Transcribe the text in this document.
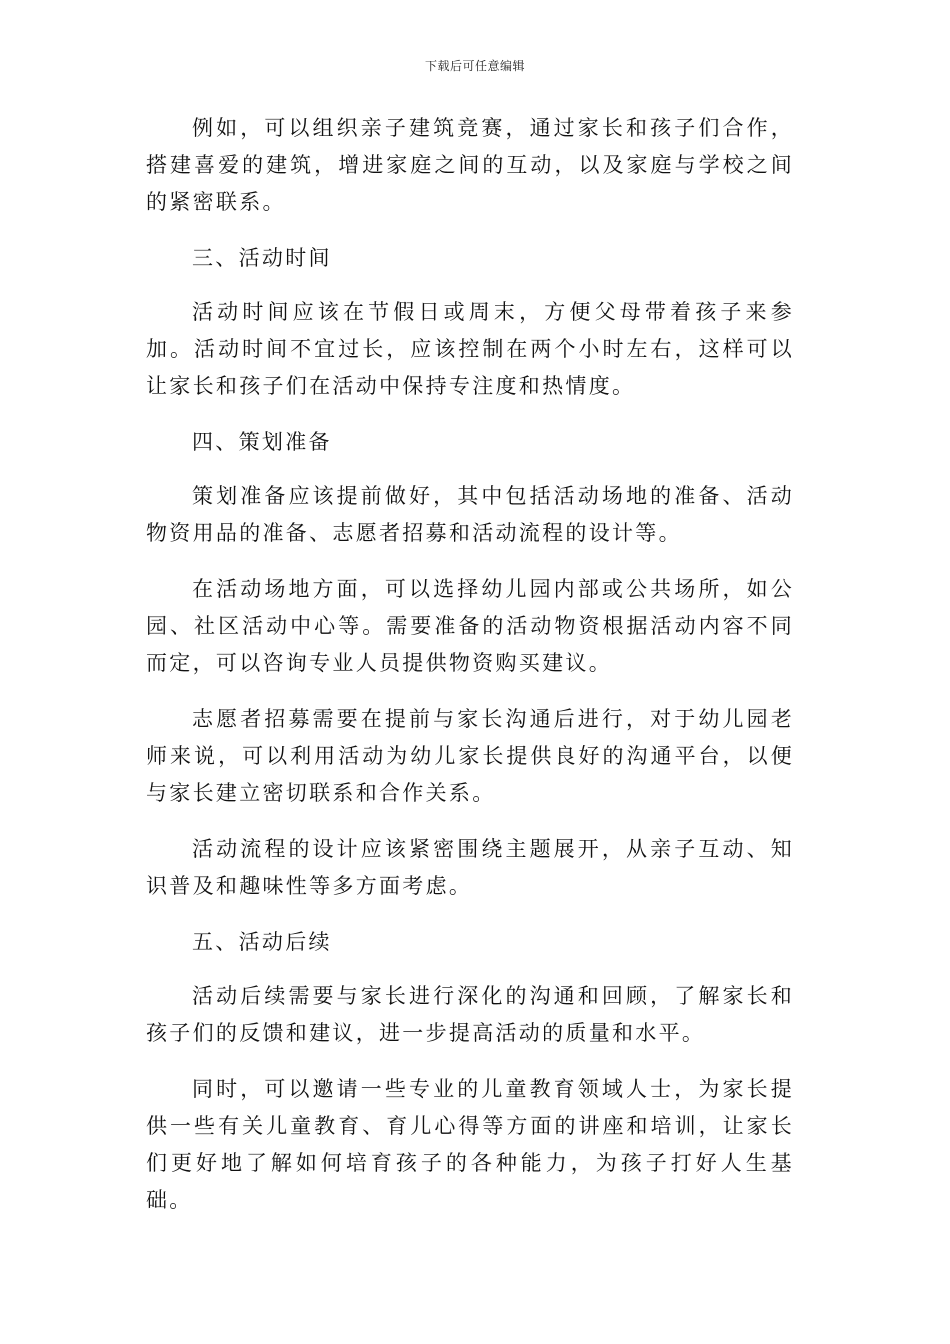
下载后可任意编辑

例如，可以组织亲子建筑竞赛，通过家长和孩子们合作，搭建喜爱的建筑，增进家庭之间的互动，以及家庭与学校之间的紧密联系。

三、活动时间

活动时间应该在节假日或周末，方便父母带着孩子来参加。活动时间不宜过长，应该控制在两个小时左右，这样可以让家长和孩子们在活动中保持专注度和热情度。

四、策划准备

策划准备应该提前做好，其中包括活动场地的准备、活动物资用品的准备、志愿者招募和活动流程的设计等。

在活动场地方面，可以选择幼儿园内部或公共场所，如公园、社区活动中心等。需要准备的活动物资根据活动内容不同而定，可以咨询专业人员提供物资购买建议。

志愿者招募需要在提前与家长沟通后进行，对于幼儿园老师来说，可以利用活动为幼儿家长提供良好的沟通平台，以便与家长建立密切联系和合作关系。

活动流程的设计应该紧密围绕主题展开，从亲子互动、知识普及和趣味性等多方面考虑。

五、活动后续

活动后续需要与家长进行深化的沟通和回顾，了解家长和孩子们的反馈和建议，进一步提高活动的质量和水平。

同时，可以邀请一些专业的儿童教育领域人士，为家长提供一些有关儿童教育、育儿心得等方面的讲座和培训，让家长们更好地了解如何培育孩子的各种能力，为孩子打好人生基础。
